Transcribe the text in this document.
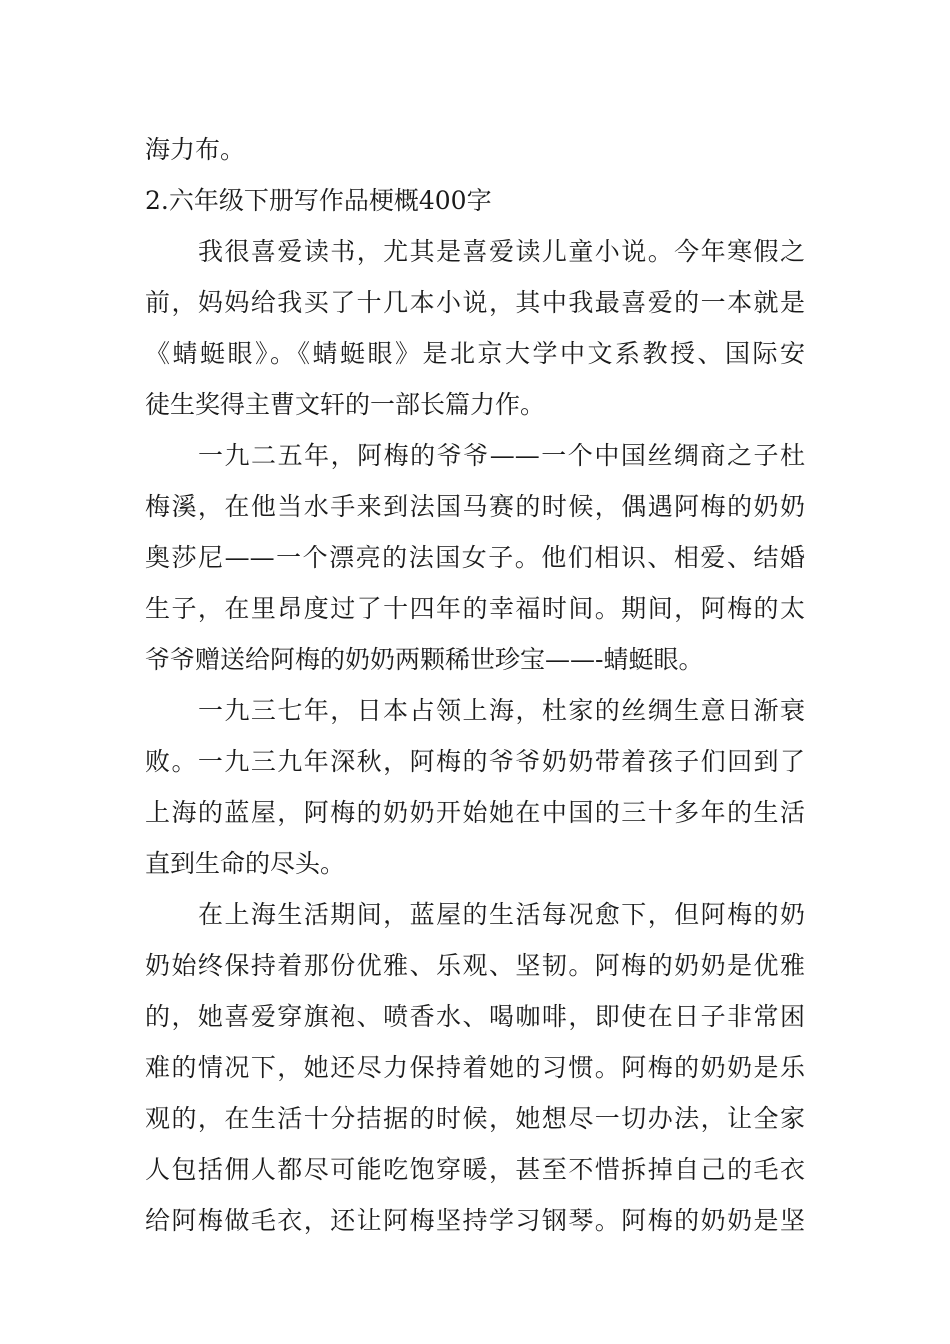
海力布。
2.六年级下册写作品梗概400字
我很喜爱读书，尤其是喜爱读儿童小说。今年寒假之
前，妈妈给我买了十几本小说，其中我最喜爱的一本就是
《蜻蜓眼》。《蜻蜓眼》是北京大学中文系教授、国际安
徒生奖得主曹文轩的一部长篇力作。
一九二五年，阿梅的爷爷——一个中国丝绸商之子杜
梅溪，在他当水手来到法国马赛的时候，偶遇阿梅的奶奶
奥莎尼——一个漂亮的法国女子。他们相识、相爱、结婚
生子，在里昂度过了十四年的幸福时间。期间，阿梅的太
爷爷赠送给阿梅的奶奶两颗稀世珍宝——-蜻蜓眼。
一九三七年，日本占领上海，杜家的丝绸生意日渐衰
败。一九三九年深秋，阿梅的爷爷奶奶带着孩子们回到了
上海的蓝屋，阿梅的奶奶开始她在中国的三十多年的生活
直到生命的尽头。
在上海生活期间，蓝屋的生活每况愈下，但阿梅的奶
奶始终保持着那份优雅、乐观、坚韧。阿梅的奶奶是优雅
的，她喜爱穿旗袍、喷香水、喝咖啡，即使在日子非常困
难的情况下，她还尽力保持着她的习惯。阿梅的奶奶是乐
观的，在生活十分拮据的时候，她想尽一切办法，让全家
人包括佣人都尽可能吃饱穿暖，甚至不惜拆掉自己的毛衣
给阿梅做毛衣，还让阿梅坚持学习钢琴。阿梅的奶奶是坚
